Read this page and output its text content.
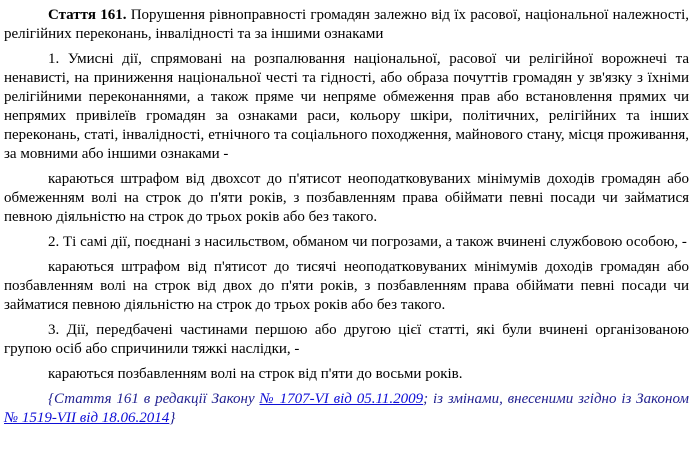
Стаття 161. Порушення рівноправності громадян залежно від їх расової, національної належності, релігійних переконань, інвалідності та за іншими ознаками

1. Умисні дії, спрямовані на розпалювання національної, расової чи релігійної ворожнечі та ненависті, на приниження національної честі та гідності, або образа почуттів громадян у зв'язку з їхніми релігійними переконаннями, а також пряме чи непряме обмеження прав або встановлення прямих чи непрямих привілеїв громадян за ознаками раси, кольору шкіри, політичних, релігійних та інших переконань, статі, інвалідності, етнічного та соціального походження, майнового стану, місця проживання, за мовними або іншими ознаками -

караються штрафом від двохсот до п'ятисот неоподатковуваних мінімумів доходів громадян або обмеженням волі на строк до п'яти років, з позбавленням права обіймати певні посади чи займатися певною діяльністю на строк до трьох років або без такого.

2. Ті самі дії, поєднані з насильством, обманом чи погрозами, а також вчинені службовою особою, -

караються штрафом від п'ятисот до тисячі неоподатковуваних мінімумів доходів громадян або позбавленням волі на строк від двох до п'яти років, з позбавленням права обіймати певні посади чи займатися певною діяльністю на строк до трьох років або без такого.

3. Дії, передбачені частинами першою або другою цієї статті, які були вчинені організованою групою осіб або спричинили тяжкі наслідки, -

караються позбавленням волі на строк від п'яти до восьми років.

{Стаття 161 в редакції Закону № 1707-VI від 05.11.2009; із змінами, внесеними згідно із Законом № 1519-VII від 18.06.2014}
